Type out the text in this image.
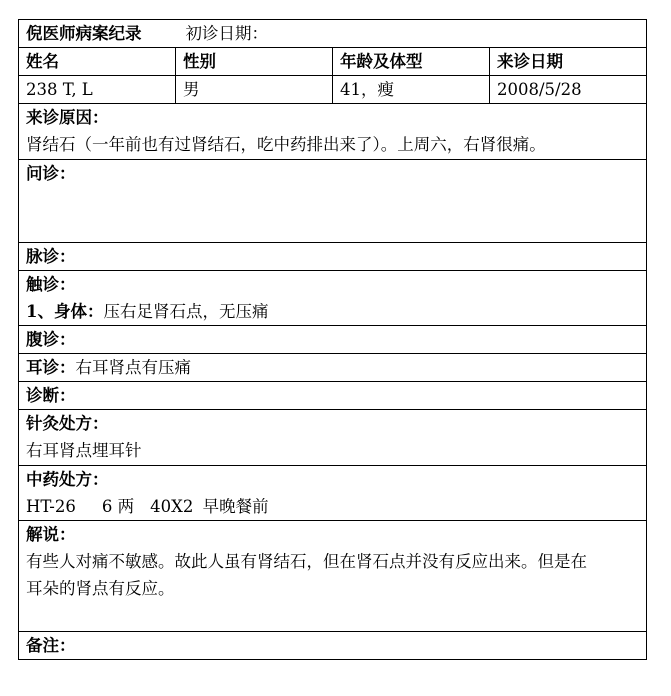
倪医师病案纪录 初诊日期：			
姓名	性别	年龄及体型	来诊日期
238 T, L	男	41，瘦	2008/5/28

来诊原因：
肾结石（一年前也有过肾结石，吃中药排出来了）。上周六，右肾很痛。			

问诊：			

脉诊：			

触诊：
1、身体：压右足肾石点，无压痛			

腹诊：			
耳诊：右耳肾点有压痛			
诊断：			

针灸处方：
右耳肾点埋耳针			

中药处方：
HT-26 6 两 40X2 早晚餐前			

解说：
有些人对痛不敏感。故此人虽有肾结石，但在肾石点并没有反应出来。但是在
耳朵的肾点有反应。			

备注：			
